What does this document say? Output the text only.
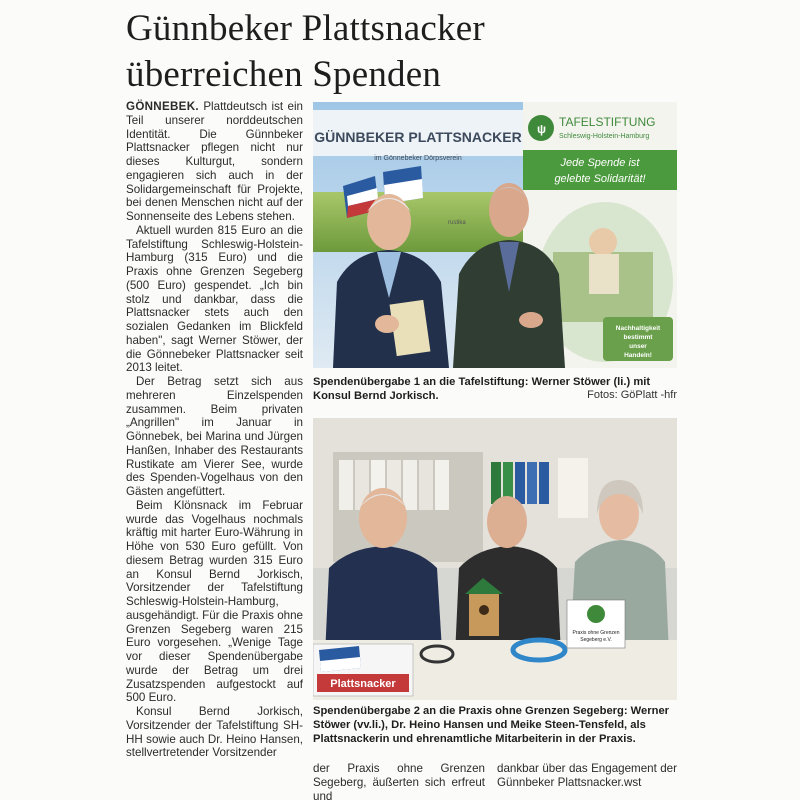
Günnbeker Plattsnacker
überreichen Spenden

GÖNNEBEK. Plattdeutsch ist ein Teil unserer norddeutschen Identität. Die Günnbeker Plattsnacker pflegen nicht nur dieses Kulturgut, sondern engagieren sich auch in der Solidargemeinschaft für Projekte, bei denen Menschen nicht auf der Sonnenseite des Lebens stehen.

Aktuell wurden 815 Euro an die Tafelstiftung Schleswig-Holstein-Hamburg (315 Euro) und die Praxis ohne Grenzen Segeberg (500 Euro) gespendet. „Ich bin stolz und dankbar, dass die Plattsnacker stets auch den sozialen Gedanken im Blickfeld haben", sagt Werner Stöwer, der die Gönnebeker Plattsnacker seit 2013 leitet.

Der Betrag setzt sich aus mehreren Einzelspenden zusammen. Beim privaten „Angrillen" im Januar in Gönnebek, bei Marina und Jürgen Hanßen, Inhaber des Restaurants Rustikate am Vierer See, wurde des Spenden-Vogelhaus von den Gästen angefüttert.

Beim Klönsnack im Februar wurde das Vogelhaus nochmals kräftig mit harter Euro-Währung in Höhe von 530 Euro gefüllt. Von diesem Betrag wurden 315 Euro an Konsul Bernd Jorkisch, Vorsitzender der Tafelstiftung Schleswig-Holstein-Hamburg, ausgehändigt. Für die Praxis ohne Grenzen Segeberg waren 215 Euro vorgesehen. „Wenige Tage vor dieser Spendenübergabe wurde der Betrag um drei Zusatzspenden aufgestockt auf 500 Euro.

Konsul Bernd Jorkisch, Vorsitzender der Tafelstiftung SH-HH sowie auch Dr. Heino Hansen, stellvertretender Vorsitzender

GÜNNBEKER PLATTSNACKER
im Gönnebeker Dörpsverein
rustika
ψ TAFELSTIFTUNG
Schleswig-Holstein-Hamburg
Jede Spende ist
gelebte Solidarität!
Nachhaltigkeit
bestimmt
unser
Handeln!

Spendenübergabe 1 an die Tafelstiftung: Werner Stöwer (li.) mit Konsul Bernd Jorkisch.	Fotos: GöPlatt -hfr
Plattsnacker
Praxis ohne Grenzen
Segeberg e.V.

Spendenübergabe 2 an die Praxis ohne Grenzen Segeberg: Werner Stöwer (vv.li.), Dr. Heino Hansen und Meike Steen-Tensfeld, als Plattsnackerin und ehrenamtliche Mitarbeiterin in der Praxis.

der Praxis ohne Grenzen Segeberg, äußerten sich erfreut und

dankbar über das Engagement der Günnbeker Plattsnacker.wst
